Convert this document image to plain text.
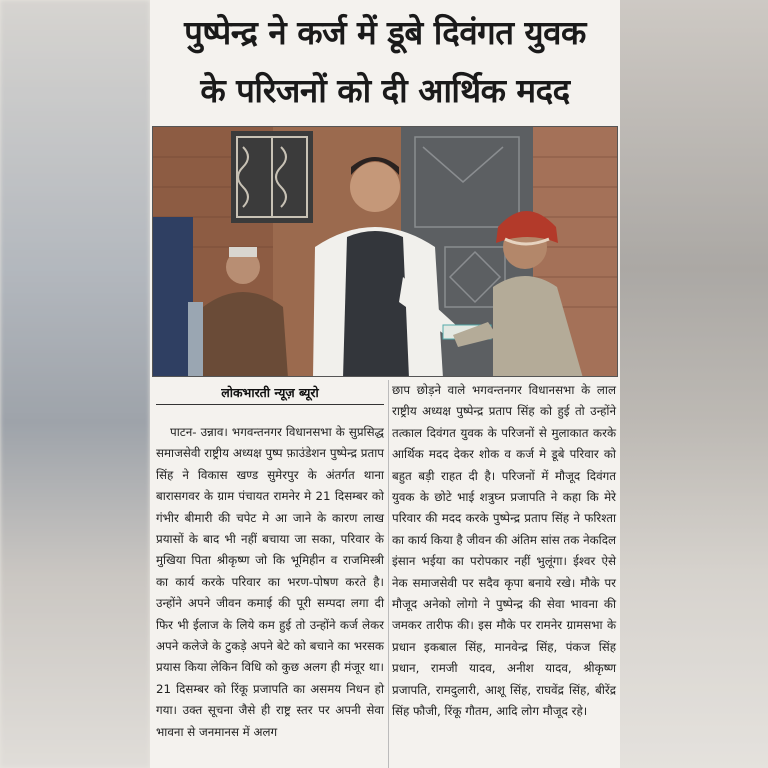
पुष्पेन्द्र ने कर्ज में डूबे दिवंगत युवक
के परिजनों को दी आर्थिक मदद
लोकभारती न्यूज़ ब्यूरो
पाटन- उन्नाव। भगवन्तनगर विधानसभा के सुप्रसिद्ध समाजसेवी राष्ट्रीय अध्यक्ष पुष्प फ़ाउंडेशन पुष्पेन्द्र प्रताप सिंह ने विकास खण्ड सुमेरपुर के अंतर्गत थाना बारासगवर के ग्राम पंचायत रामनेर मे 21 दिसम्बर को गंभीर बीमारी की चपेट मे आ जाने के कारण लाख प्रयासों के बाद भी नहीं बचाया जा सका, परिवार के मुखिया पिता श्रीकृष्ण जो कि भूमिहीन व राजमिस्त्री का कार्य करके परिवार का भरण-पोषण करते है। उन्होंने अपने जीवन कमाई की पूरी सम्पदा लगा दी फिर भी ईलाज के लिये कम हुई तो उन्होंने कर्ज लेकर अपने कलेजे के टुकड़े अपने बेटे को बचाने का भरसक प्रयास किया लेकिन विधि को कुछ अलग ही मंजूर था। 21 दिसम्बर को रिंकू प्रजापति का असमय निधन हो गया। उक्त सूचना जैसे ही राष्ट्र स्तर पर अपनी सेवा भावना से जनमानस में अलग
छाप छोड़ने वाले भगवन्तनगर विधानसभा के लाल राष्ट्रीय अध्यक्ष पुष्पेन्द्र प्रताप सिंह को हुई तो उन्होंने तत्काल दिवंगत युवक के परिजनों से मुलाकात करके आर्थिक मदद देकर शोक व कर्ज मे डूबे परिवार को बहुत बड़ी राहत दी है। परिजनों में मौजूद दिवंगत युवक के छोटे भाई शत्रुघ्न प्रजापति ने कहा कि मेरे परिवार की मदद करके पुष्पेन्द्र प्रताप सिंह ने फरिश्ता का कार्य किया है जीवन की अंतिम सांस तक नेकदिल इंसान भईया का परोपकार नहीं भुलूंगा। ईश्वर ऐसे नेक समाजसेवी पर सदैव कृपा बनाये रखे। मौके पर मौजूद अनेको लोगो ने पुष्पेन्द्र की सेवा भावना की जमकर तारीफ की। इस मौके पर रामनेर ग्रामसभा के प्रधान इकबाल सिंह, मानवेन्द्र सिंह, पंकज सिंह प्रधान, रामजी यादव, अनीश यादव, श्रीकृष्ण प्रजापति, रामदुलारी, आशू सिंह, राघवेंद्र सिंह, बीरेंद्र सिंह फौजी, रिंकू गौतम, आदि लोग मौजूद रहे।
